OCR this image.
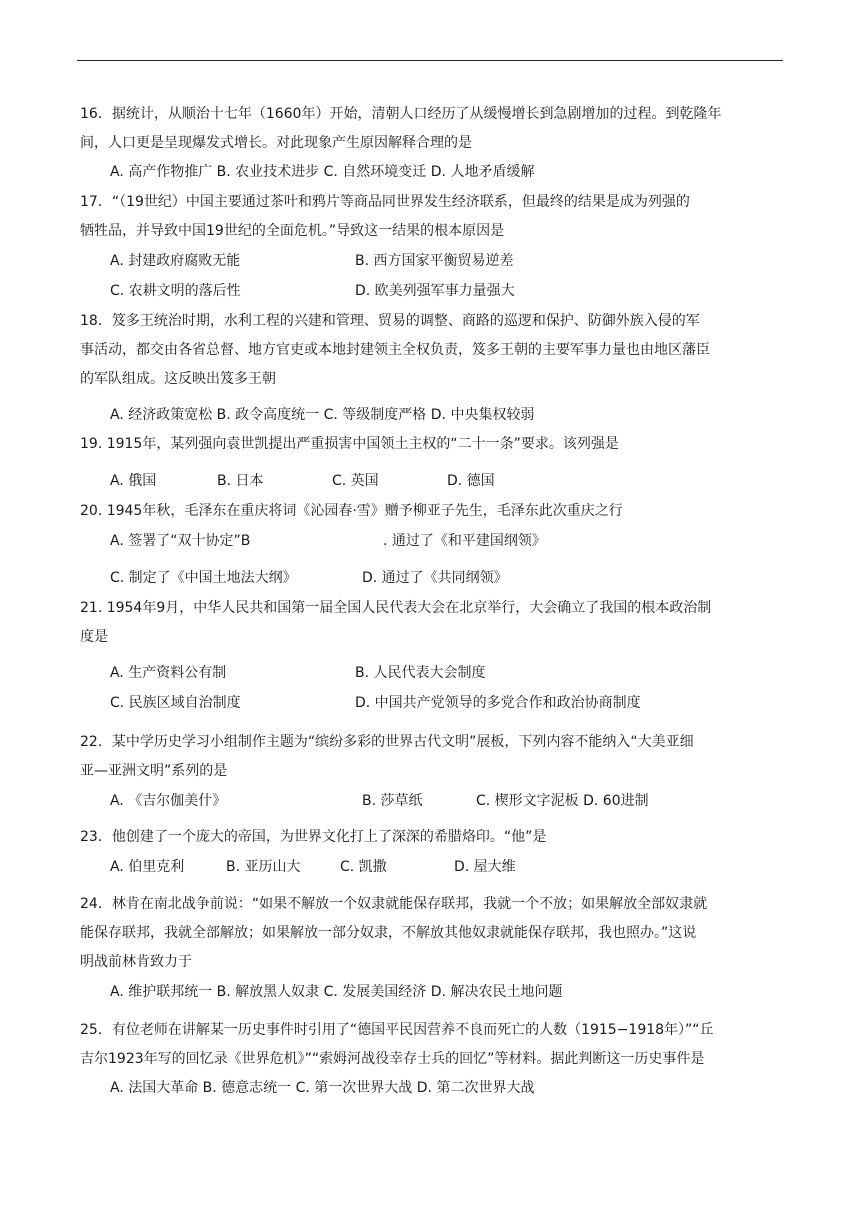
16．据统计，从顺治十七年（1660年）开始，清朝人口经历了从缓慢增长到急剧增加的过程。到乾隆年
间，人口更是呈现爆发式增长。对此现象产生原因解释合理的是
A. 高产作物推广 B. 农业技术进步 C. 自然环境变迁 D. 人地矛盾缓解
17．“（19世纪）中国主要通过茶叶和鸦片等商品同世界发生经济联系，但最终的结果是成为列强的
牺牲品，并导致中国19世纪的全面危机。”导致这一结果的根本原因是
A. 封建政府腐败无能	B. 西方国家平衡贸易逆差
C. 农耕文明的落后性	D. 欧美列强军事力量强大
18．笈多王统治时期，水利工程的兴建和管理、贸易的调整、商路的巡逻和保护、防御外族入侵的军
事活动，都交由各省总督、地方官吏或本地封建领主全权负责，笈多王朝的主要军事力量也由地区藩臣
的军队组成。这反映出笈多王朝
A. 经济政策宽松 B. 政令高度统一 C. 等级制度严格 D. 中央集权较弱
19. 1915年，某列强向袁世凯提出严重损害中国领土主权的“二十一条”要求。该列强是
A. 俄国	B. 日本	C. 英国	D. 德国
20. 1945年秋，毛泽东在重庆将词《沁园春·雪》赠予柳亚子先生，毛泽东此次重庆之行
A. 签署了“双十协定”B	. 通过了《和平建国纲领》
C. 制定了《中国土地法大纲》	D. 通过了《共同纲领》
21. 1954年9月，中华人民共和国第一届全国人民代表大会在北京举行，大会确立了我国的根本政治制
度是
A. 生产资料公有制	B. 人民代表大会制度
C. 民族区域自治制度	D. 中国共产党领导的多党合作和政治协商制度
22．某中学历史学习小组制作主题为“缤纷多彩的世界古代文明”展板，下列内容不能纳入“大美亚细
亚—亚洲文明”系列的是
A. 《吉尔伽美什》	B. 莎草纸	C. 楔形文字泥板 D. 60进制
23．他创建了一个庞大的帝国，为世界文化打上了深深的希腊烙印。“他”是
A. 伯里克利	B. 亚历山大	C. 凯撒	D. 屋大维
24．林肯在南北战争前说：“如果不解放一个奴隶就能保存联邦，我就一个不放；如果解放全部奴隶就
能保存联邦，我就全部解放；如果解放一部分奴隶，不解放其他奴隶就能保存联邦，我也照办。”这说
明战前林肯致力于
A. 维护联邦统一 B. 解放黑人奴隶 C. 发展美国经济 D. 解决农民土地问题
25．有位老师在讲解某一历史事件时引用了“德国平民因营养不良而死亡的人数（1915−1918年）”“丘
吉尔1923年写的回忆录《世界危机》”“索姆河战役幸存士兵的回忆”等材料。据此判断这一历史事件是
A. 法国大革命 B. 德意志统一 C. 第一次世界大战 D. 第二次世界大战
